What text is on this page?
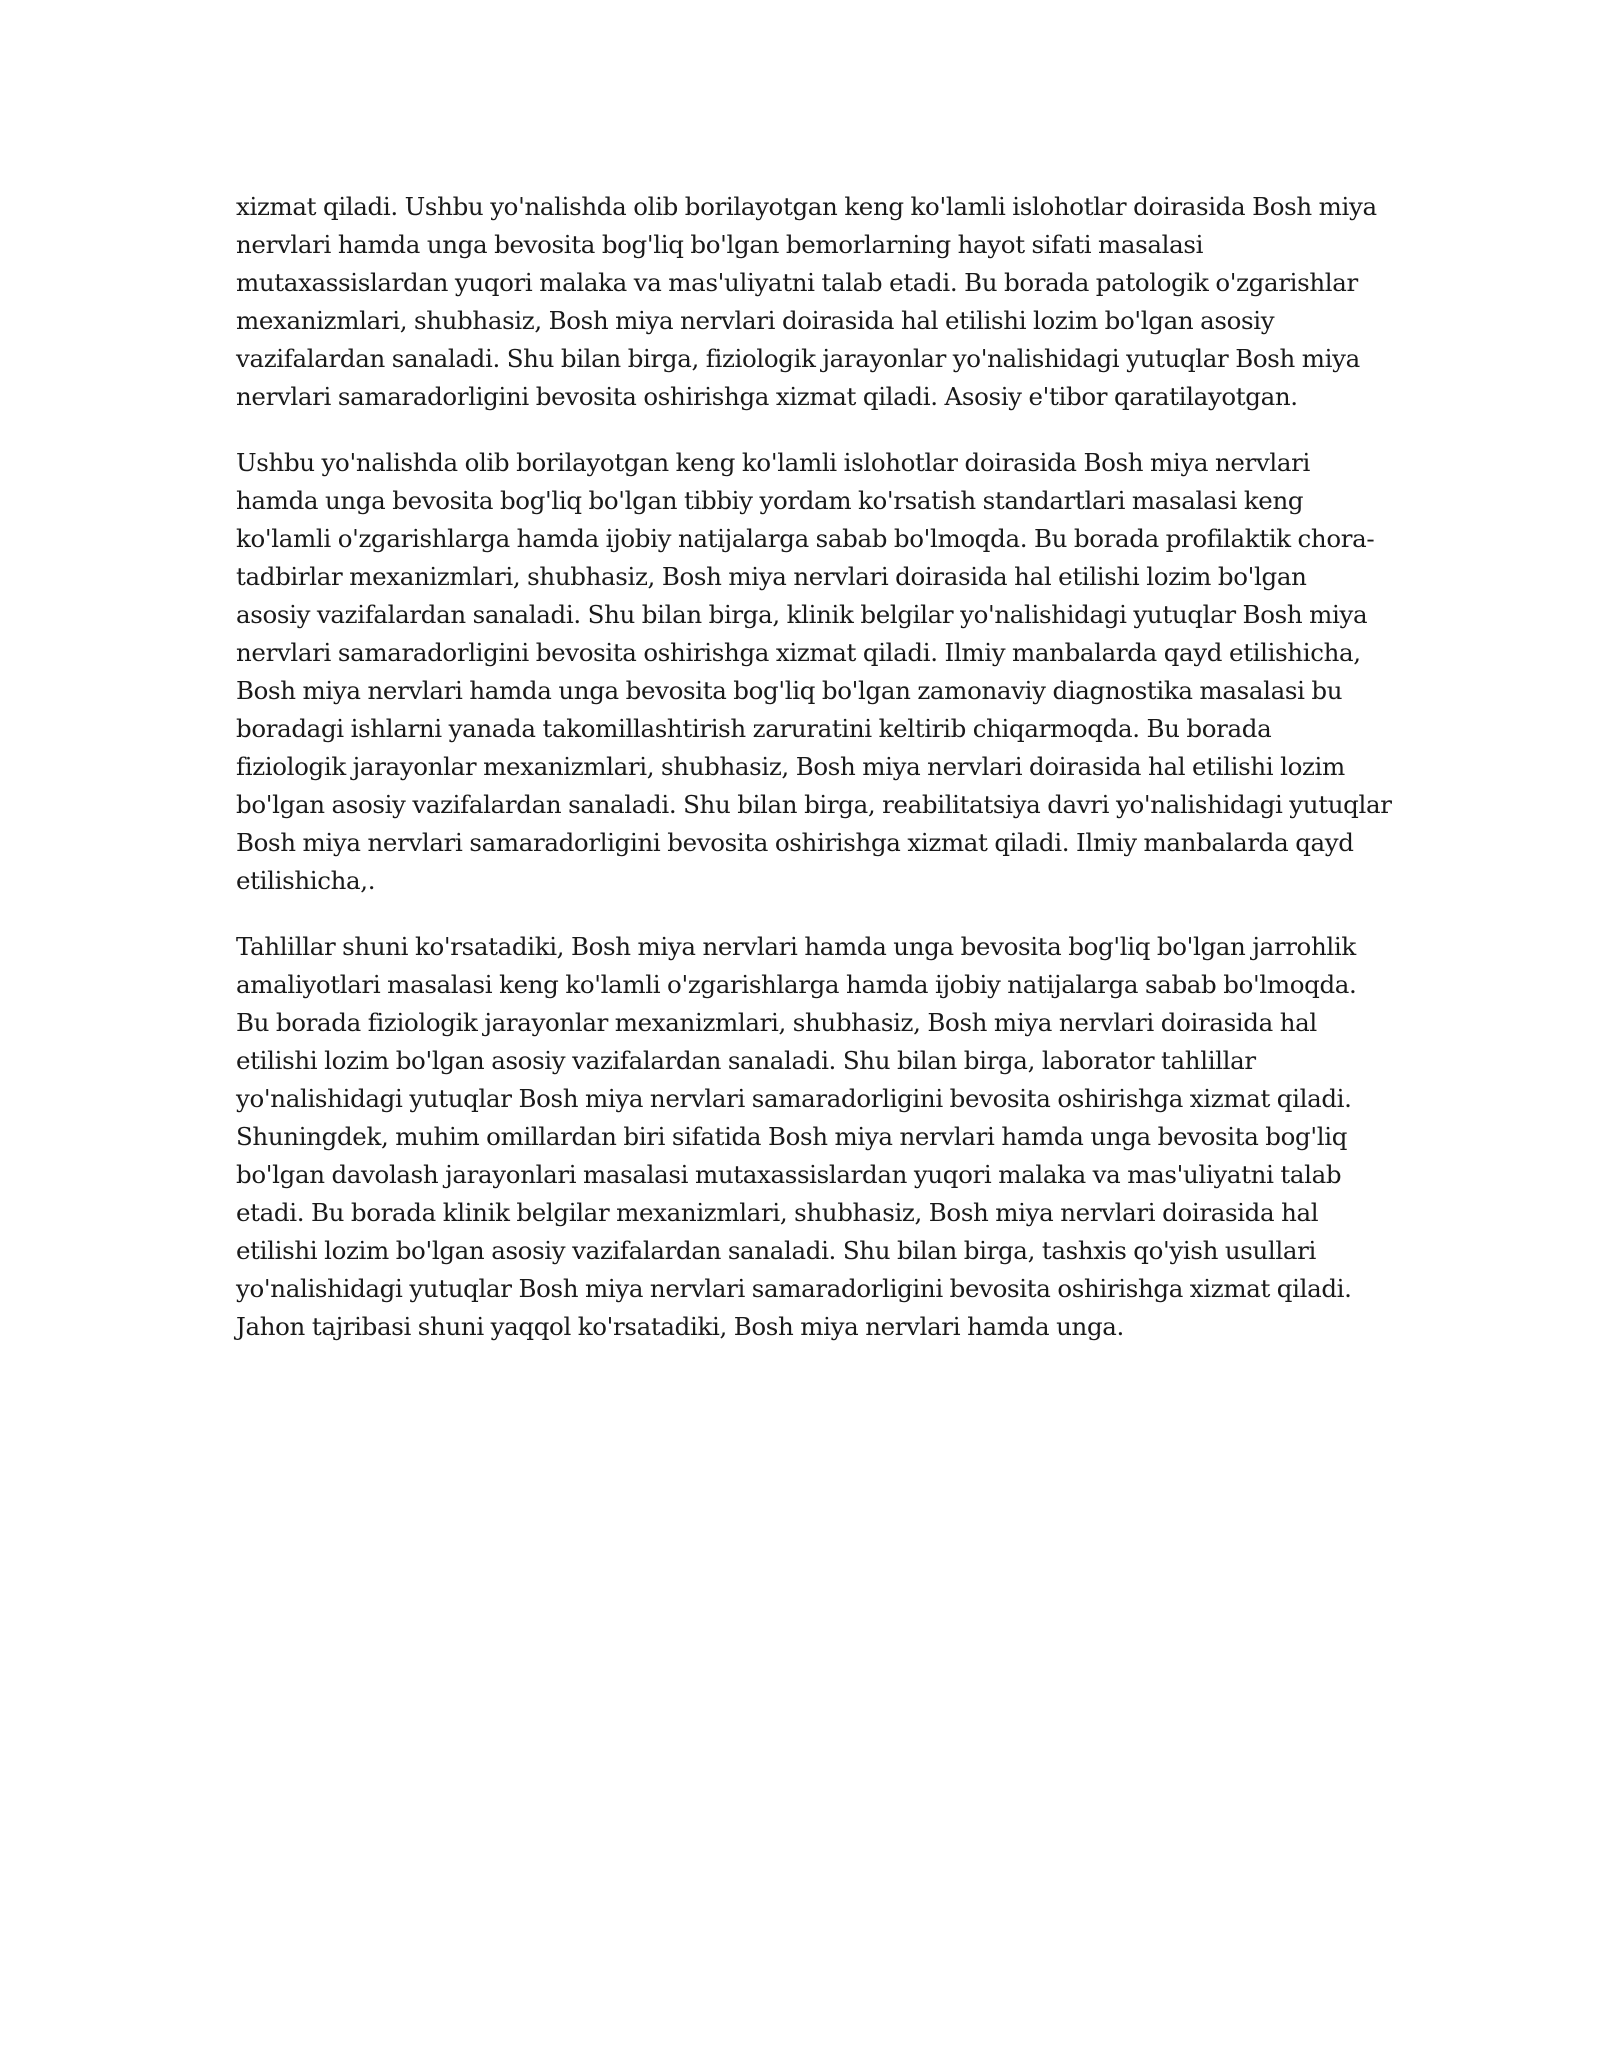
xizmat qiladi. Ushbu yo'nalishda olib borilayotgan keng ko'lamli islohotlar doirasida Bosh miya
nervlari hamda unga bevosita bog'liq bo'lgan bemorlarning hayot sifati masalasi
mutaxassislardan yuqori malaka va mas'uliyatni talab etadi. Bu borada patologik o'zgarishlar
mexanizmlari, shubhasiz, Bosh miya nervlari doirasida hal etilishi lozim bo'lgan asosiy
vazifalardan sanaladi. Shu bilan birga, fiziologik jarayonlar yo'nalishidagi yutuqlar Bosh miya
nervlari samaradorligini bevosita oshirishga xizmat qiladi. Asosiy e'tibor qaratilayotgan.

Ushbu yo'nalishda olib borilayotgan keng ko'lamli islohotlar doirasida Bosh miya nervlari
hamda unga bevosita bog'liq bo'lgan tibbiy yordam ko'rsatish standartlari masalasi keng
ko'lamli o'zgarishlarga hamda ijobiy natijalarga sabab bo'lmoqda. Bu borada profilaktik chora-
tadbirlar mexanizmlari, shubhasiz, Bosh miya nervlari doirasida hal etilishi lozim bo'lgan
asosiy vazifalardan sanaladi. Shu bilan birga, klinik belgilar yo'nalishidagi yutuqlar Bosh miya
nervlari samaradorligini bevosita oshirishga xizmat qiladi. Ilmiy manbalarda qayd etilishicha,
Bosh miya nervlari hamda unga bevosita bog'liq bo'lgan zamonaviy diagnostika masalasi bu
boradagi ishlarni yanada takomillashtirish zaruratini keltirib chiqarmoqda. Bu borada
fiziologik jarayonlar mexanizmlari, shubhasiz, Bosh miya nervlari doirasida hal etilishi lozim
bo'lgan asosiy vazifalardan sanaladi. Shu bilan birga, reabilitatsiya davri yo'nalishidagi yutuqlar
Bosh miya nervlari samaradorligini bevosita oshirishga xizmat qiladi. Ilmiy manbalarda qayd
etilishicha,.

Tahlillar shuni ko'rsatadiki, Bosh miya nervlari hamda unga bevosita bog'liq bo'lgan jarrohlik
amaliyotlari masalasi keng ko'lamli o'zgarishlarga hamda ijobiy natijalarga sabab bo'lmoqda.
Bu borada fiziologik jarayonlar mexanizmlari, shubhasiz, Bosh miya nervlari doirasida hal
etilishi lozim bo'lgan asosiy vazifalardan sanaladi. Shu bilan birga, laborator tahlillar
yo'nalishidagi yutuqlar Bosh miya nervlari samaradorligini bevosita oshirishga xizmat qiladi.
Shuningdek, muhim omillardan biri sifatida Bosh miya nervlari hamda unga bevosita bog'liq
bo'lgan davolash jarayonlari masalasi mutaxassislardan yuqori malaka va mas'uliyatni talab
etadi. Bu borada klinik belgilar mexanizmlari, shubhasiz, Bosh miya nervlari doirasida hal
etilishi lozim bo'lgan asosiy vazifalardan sanaladi. Shu bilan birga, tashxis qo'yish usullari
yo'nalishidagi yutuqlar Bosh miya nervlari samaradorligini bevosita oshirishga xizmat qiladi.
Jahon tajribasi shuni yaqqol ko'rsatadiki, Bosh miya nervlari hamda unga.
